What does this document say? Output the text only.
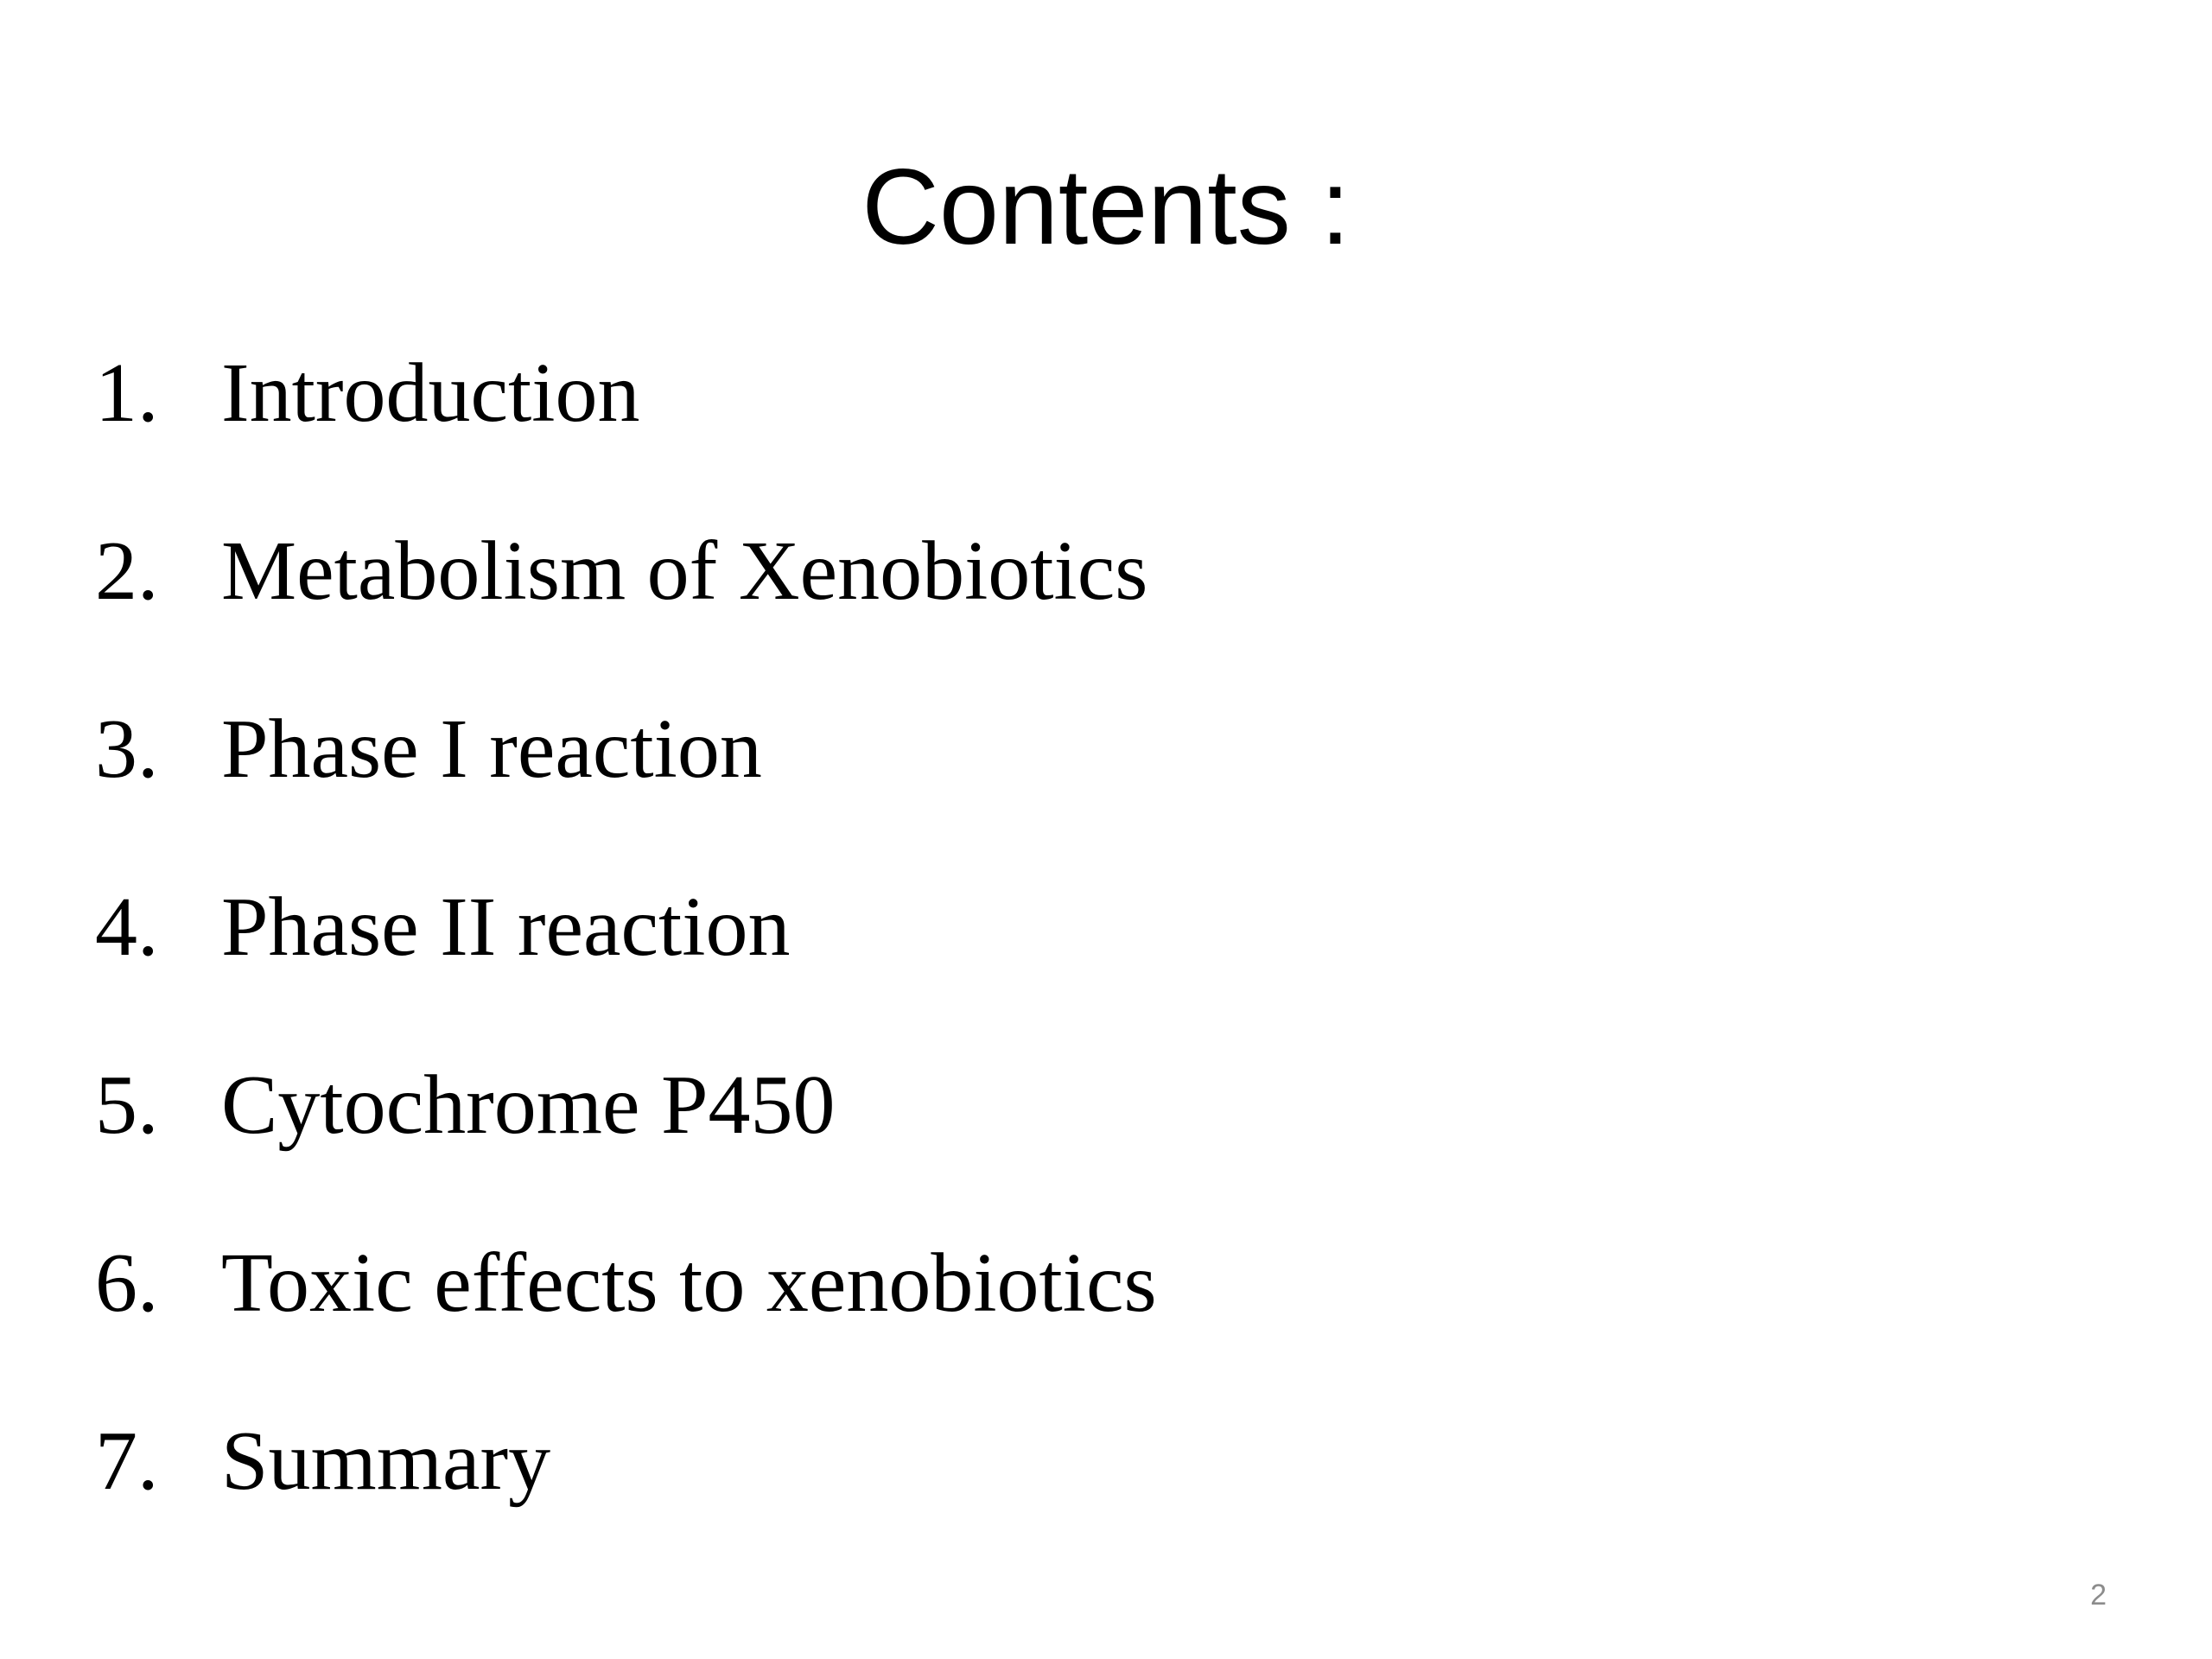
Contents :
1. Introduction
2. Metabolism of Xenobiotics
3. Phase I reaction
4. Phase II reaction
5. Cytochrome P450
6. Toxic effects to xenobiotics
7. Summary
2
